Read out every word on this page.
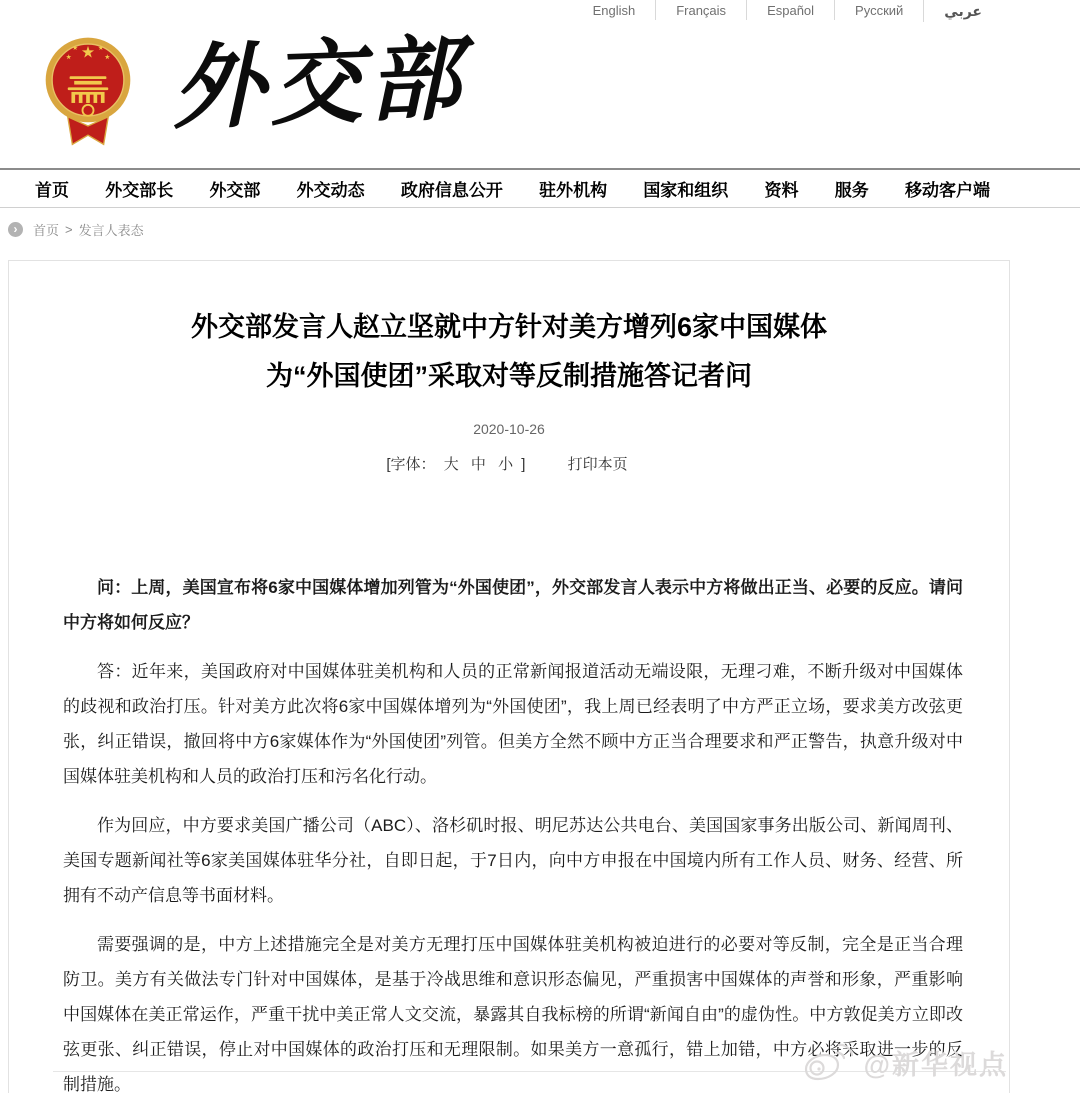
English	Français	Español	Русский	عربي
外交部
首页 外交部长 外交部 外交动态 政府信息公开 驻外机构 国家和组织 资料 服务 移动客户端
›	首页 > 发言人表态
外交部发言人赵立坚就中方针对美方增列6家中国媒体
为“外国使团”采取对等反制措施答记者问
2020-10-26
[字体： 大 中 小 ]	打印本页

问：上周，美国宣布将6家中国媒体增加列管为“外国使团”，外交部发言人表示中方将做出正当、必要的反应。请问中方将如何反应？

答：近年来，美国政府对中国媒体驻美机构和人员的正常新闻报道活动无端设限，无理刁难，不断升级对中国媒体的歧视和政治打压。针对美方此次将6家中国媒体增列为“外国使团”，我上周已经表明了中方严正立场，要求美方改弦更张，纠正错误，撤回将中方6家媒体作为“外国使团”列管。但美方全然不顾中方正当合理要求和严正警告，执意升级对中国媒体驻美机构和人员的政治打压和污名化行动。

作为回应，中方要求美国广播公司（ABC）、洛杉矶时报、明尼苏达公共电台、美国国家事务出版公司、新闻周刊、美国专题新闻社等6家美国媒体驻华分社，自即日起，于7日内，向中方申报在中国境内所有工作人员、财务、经营、所拥有不动产信息等书面材料。

需要强调的是，中方上述措施完全是对美方无理打压中国媒体驻美机构被迫进行的必要对等反制，完全是正当合理防卫。美方有关做法专门针对中国媒体，是基于冷战思维和意识形态偏见，严重损害中国媒体的声誉和形象，严重影响中国媒体在美正常运作，严重干扰中美正常人文交流，暴露其自我标榜的所谓“新闻自由”的虚伪性。中方敦促美方立即改弦更张、纠正错误，停止对中国媒体的政治打压和无理限制。如果美方一意孤行，错上加错，中方必将采取进一步的反制措施。

@新华视点
